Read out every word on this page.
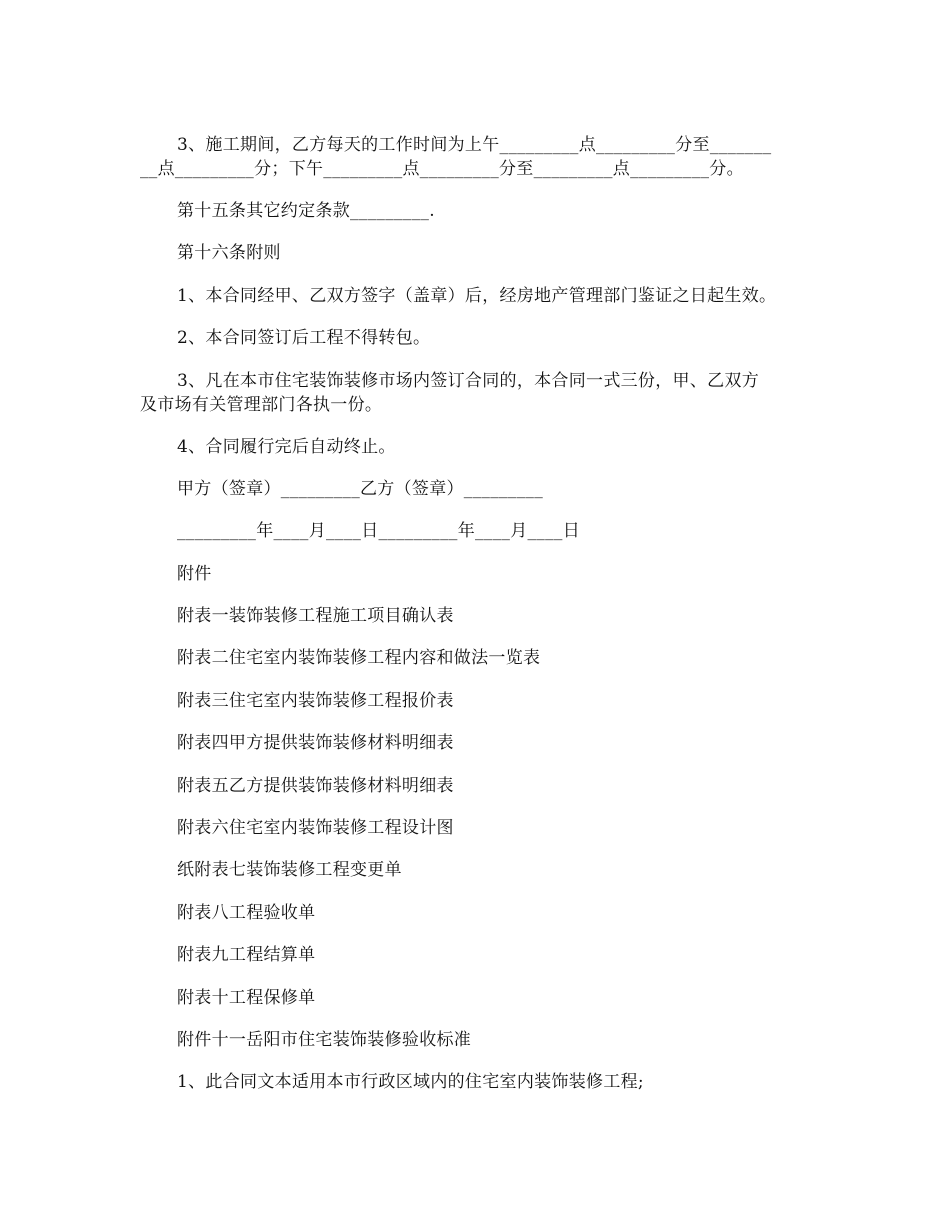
3、施工期间，乙方每天的工作时间为上午_________点_________分至_______

__点_________分；下午_________点_________分至_________点_________分。

第十五条其它约定条款_________.

第十六条附则

1、本合同经甲、乙双方签字（盖章）后，经房地产管理部门鉴证之日起生效。

2、本合同签订后工程不得转包。

3、凡在本市住宅装饰装修市场内签订合同的，本合同一式三份，甲、乙双方

及市场有关管理部门各执一份。

4、合同履行完后自动终止。

甲方（签章）_________乙方（签章）_________

_________年____月____日_________年____月____日

附件

附表一装饰装修工程施工项目确认表

附表二住宅室内装饰装修工程内容和做法一览表

附表三住宅室内装饰装修工程报价表

附表四甲方提供装饰装修材料明细表

附表五乙方提供装饰装修材料明细表

附表六住宅室内装饰装修工程设计图

纸附表七装饰装修工程变更单

附表八工程验收单

附表九工程结算单

附表十工程保修单

附件十一岳阳市住宅装饰装修验收标准

1、此合同文本适用本市行政区域内的住宅室内装饰装修工程;
